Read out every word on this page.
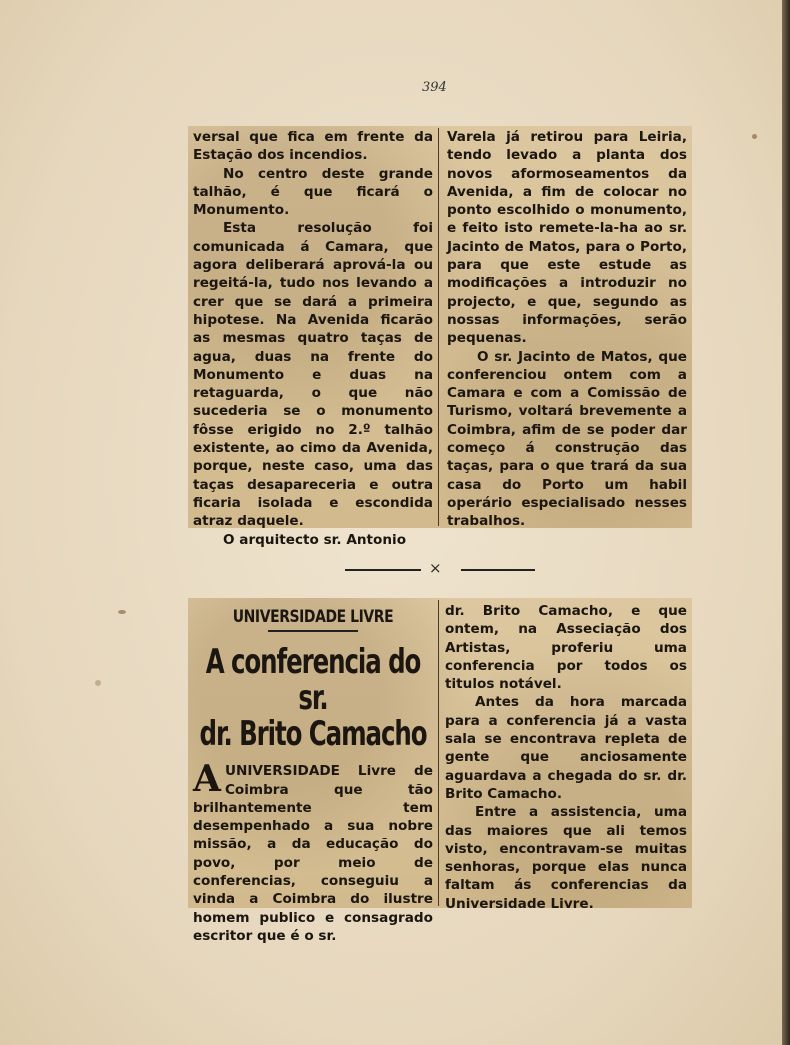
394

versal que fica em frente da Estação dos incendios.

No centro deste grande talhão, é que ficará o Monumento.

Esta resolução foi comunicada á Camara, que agora deliberará aprová-la ou regeitá-la, tudo nos levando a crer que se dará a primeira hipotese. Na Avenida ficarão as mesmas quatro taças de agua, duas na frente do Monumento e duas na retaguarda, o que não sucederia se o monumento fôsse erigido no 2.º talhão existente, ao cimo da Avenida, porque, neste caso, uma das taças desapareceria e outra ficaria isolada e escondida atraz daquele.

O arquitecto sr. Antonio

Varela já retirou para Leiria, tendo levado a planta dos novos aformoseamentos da Avenida, a fim de colocar no ponto escolhido o monumento, e feito isto remete-la-ha ao sr. Jacinto de Matos, para o Porto, para que este estude as modificações a introduzir no projecto, e que, segundo as nossas informações, serão pequenas.

O sr. Jacinto de Matos, que conferenciou ontem com a Camara e com a Comissão de Turismo, voltará brevemente a Coimbra, afim de se poder dar começo á construção das taças, para o que trará da sua casa do Porto um habil operário especialisado nesses trabalhos.

×
UNIVERSIDADE LIVRE
A conferencia do sr.
dr. Brito Camacho

AUNIVERSIDADE Livre de Coimbra que tão brilhantemente tem desempenhado a sua nobre missão, a da educação do povo, por meio de conferencias, conseguiu a vinda a Coimbra do ilustre homem publico e consagrado escritor que é o sr.

dr. Brito Camacho, e que ontem, na Asseciação dos Artistas, proferiu uma conferencia por todos os titulos notável.

Antes da hora marcada para a conferencia já a vasta sala se encontrava repleta de gente que anciosamente aguardava a chegada do sr. dr. Brito Camacho.

Entre a assistencia, uma das maiores que ali temos visto, encontravam-se muitas senhoras, porque elas nunca faltam ás conferencias da Universidade Livre.
